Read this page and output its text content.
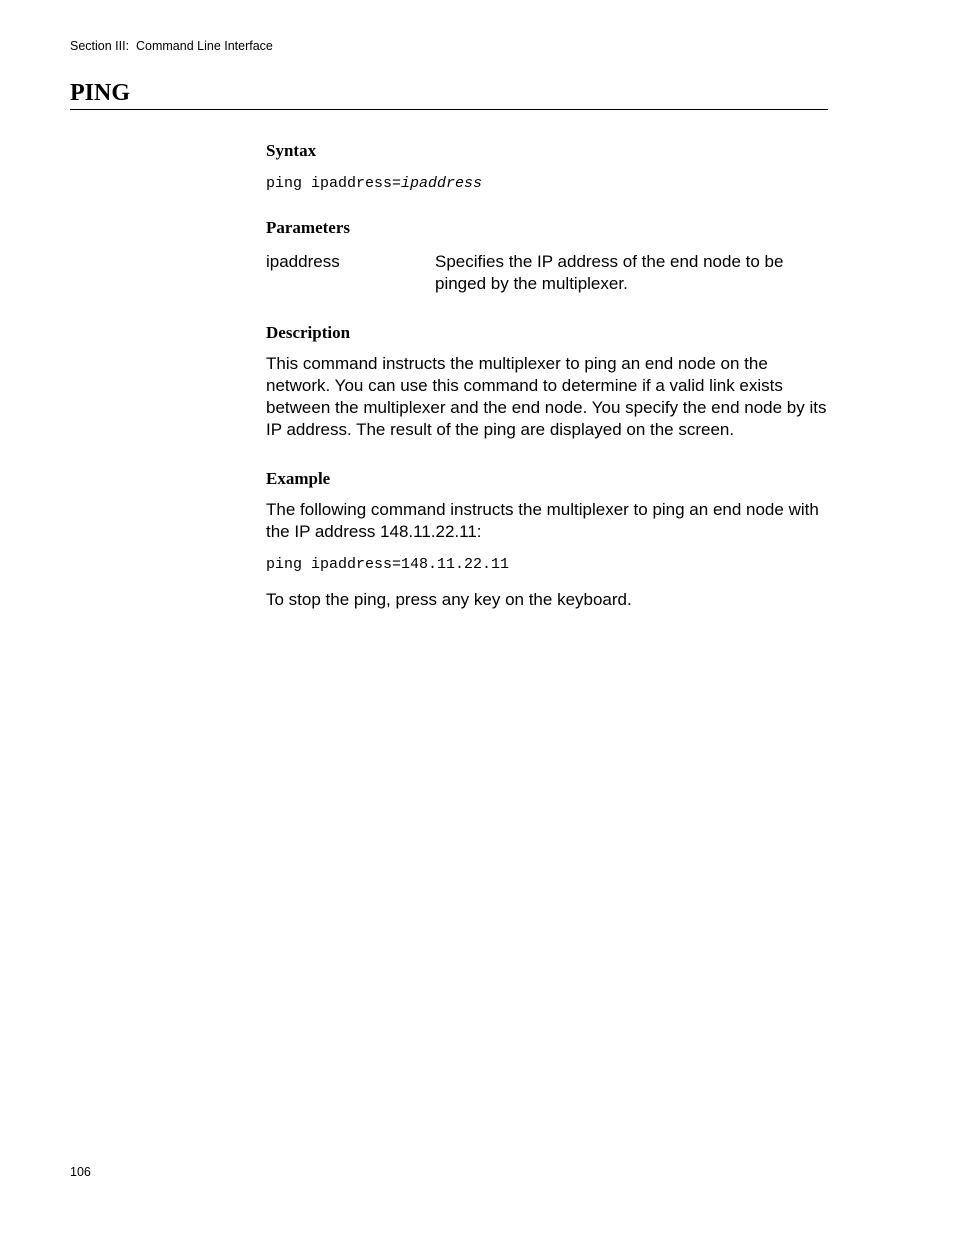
Section III:  Command Line Interface
PING
Syntax

ping ipaddress=ipaddress

Parameters
ipaddress	Specifies the IP address of the end node to be pinged by the multiplexer.
Description

This command instructs the multiplexer to ping an end node on the network. You can use this command to determine if a valid link exists between the multiplexer and the end node. You specify the end node by its IP address. The result of the ping are displayed on the screen.

Example

The following command instructs the multiplexer to ping an end node with the IP address 148.11.22.11:

ping ipaddress=148.11.22.11

To stop the ping, press any key on the keyboard.

106
